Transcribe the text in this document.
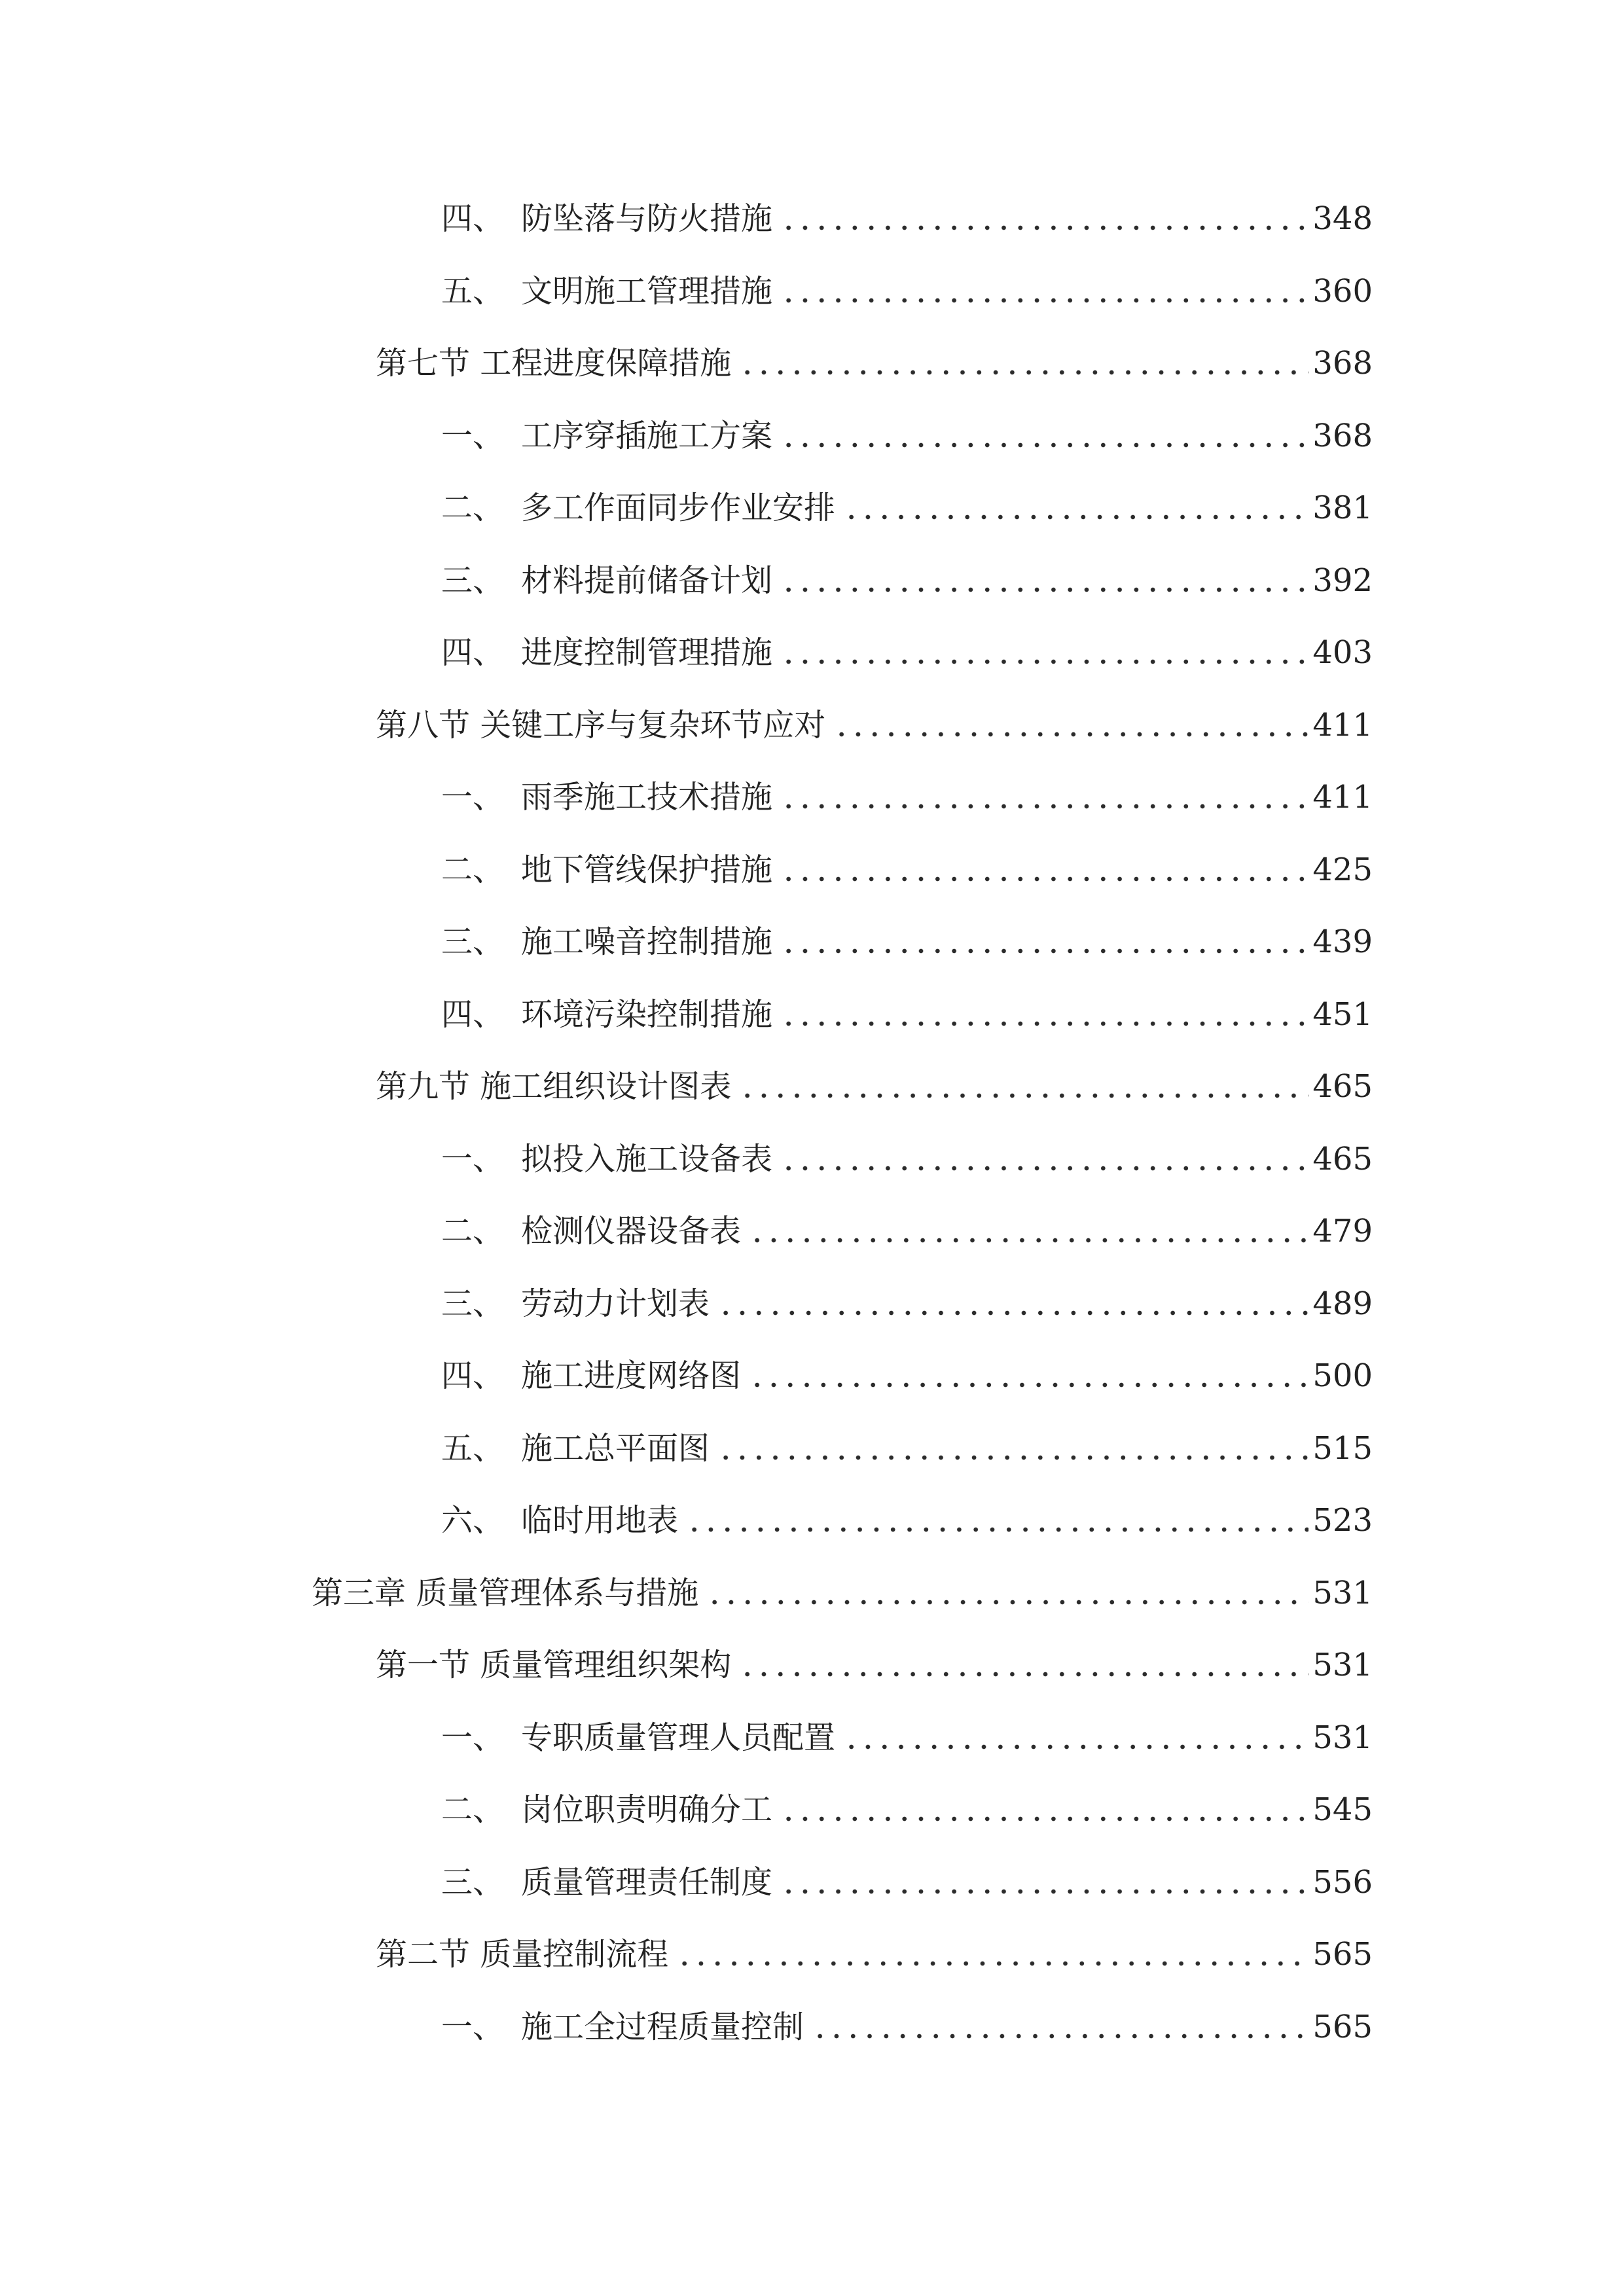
四、 防坠落与防火措施	348
五、 文明施工管理措施	360
第七节 工程进度保障措施	368
一、 工序穿插施工方案	368
二、 多工作面同步作业安排	381
三、 材料提前储备计划	392
四、 进度控制管理措施	403
第八节 关键工序与复杂环节应对	411
一、 雨季施工技术措施	411
二、 地下管线保护措施	425
三、 施工噪音控制措施	439
四、 环境污染控制措施	451
第九节 施工组织设计图表	465
一、 拟投入施工设备表	465
二、 检测仪器设备表	479
三、 劳动力计划表	489
四、 施工进度网络图	500
五、 施工总平面图	515
六、 临时用地表	523
第三章 质量管理体系与措施	531
第一节 质量管理组织架构	531
一、 专职质量管理人员配置	531
二、 岗位职责明确分工	545
三、 质量管理责任制度	556
第二节 质量控制流程	565
一、 施工全过程质量控制	565
